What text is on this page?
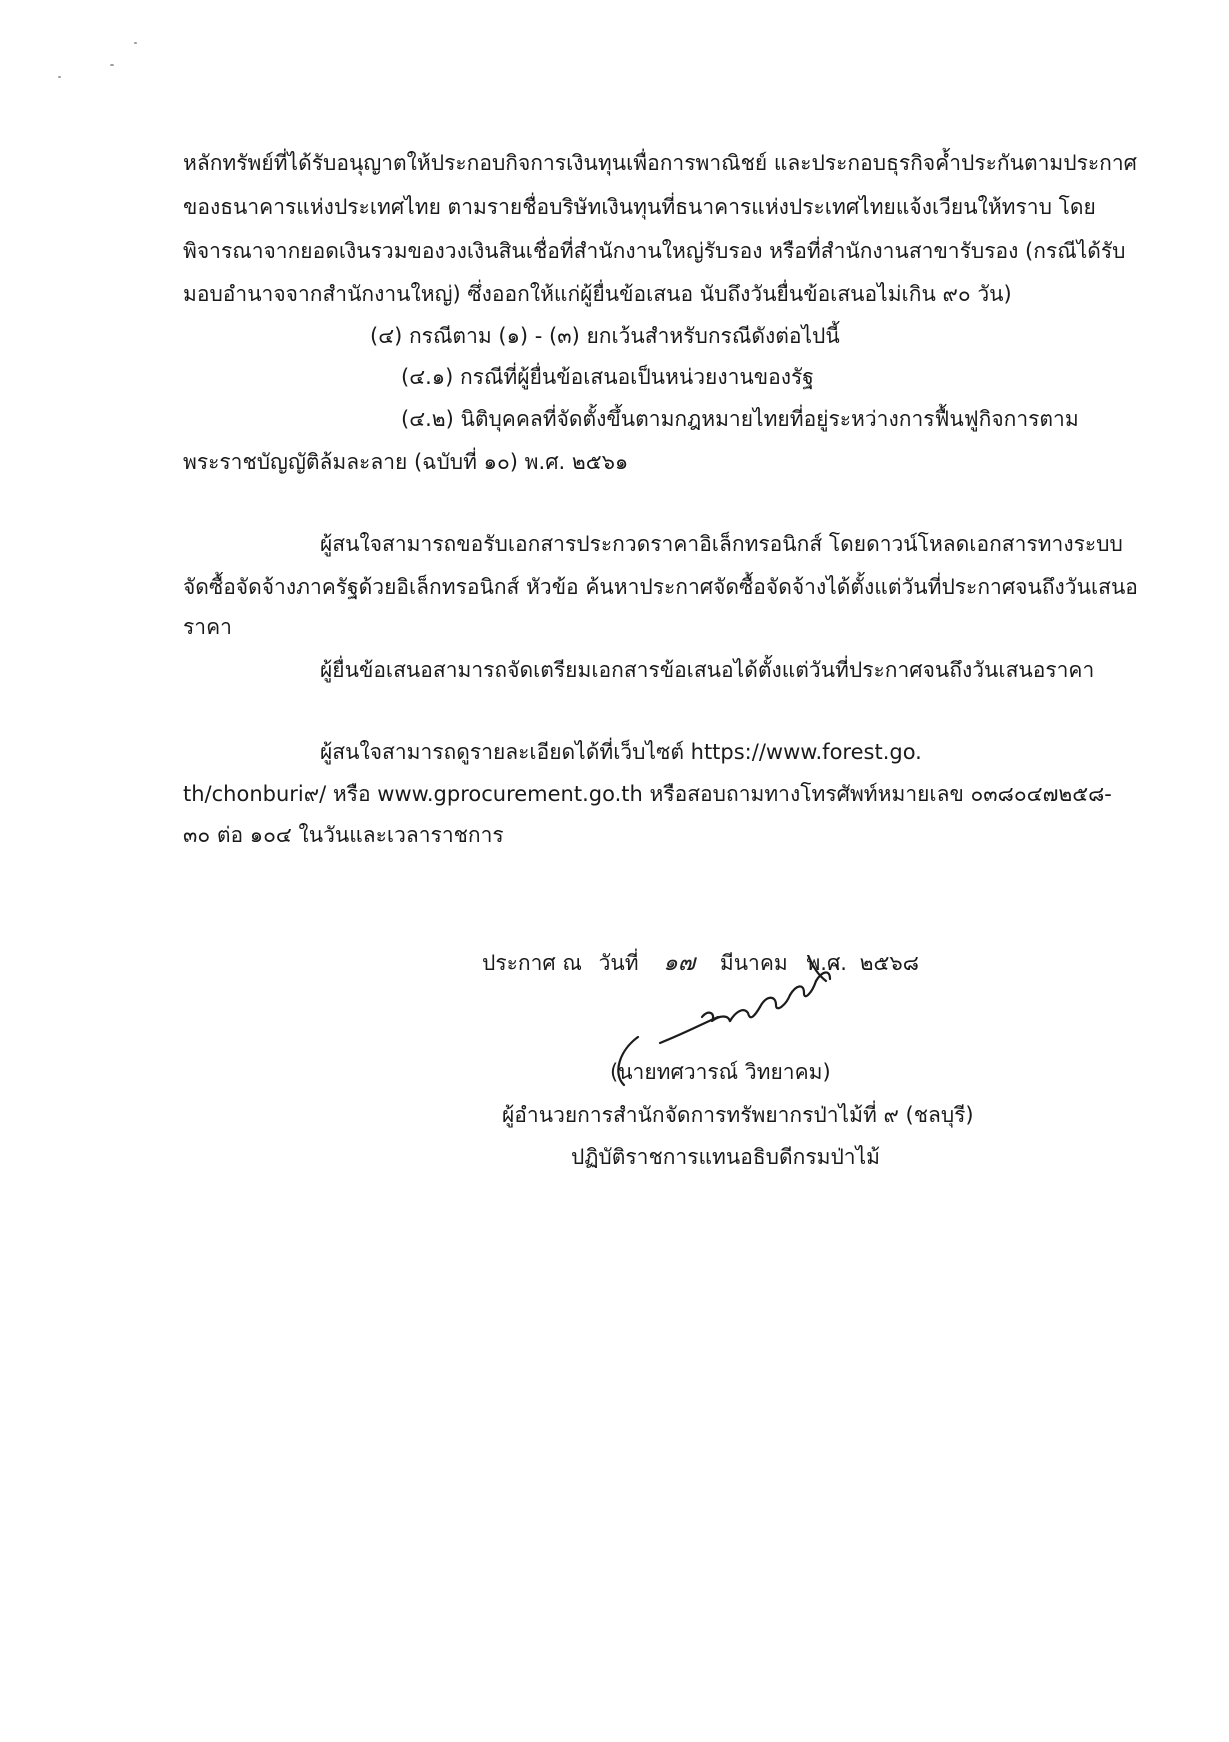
หลักทรัพย์ที่ได้รับอนุญาตให้ประกอบกิจการเงินทุนเพื่อการพาณิชย์ และประกอบธุรกิจค้ำประกันตามประกาศ
ของธนาคารแห่งประเทศไทย ตามรายชื่อบริษัทเงินทุนที่ธนาคารแห่งประเทศไทยแจ้งเวียนให้ทราบ โดย
พิจารณาจากยอดเงินรวมของวงเงินสินเชื่อที่สำนักงานใหญ่รับรอง หรือที่สำนักงานสาขารับรอง (กรณีได้รับ
มอบอำนาจจากสำนักงานใหญ่) ซึ่งออกให้แก่ผู้ยื่นข้อเสนอ นับถึงวันยื่นข้อเสนอไม่เกิน ๙๐ วัน)
(๔) กรณีตาม (๑) - (๓) ยกเว้นสำหรับกรณีดังต่อไปนี้
(๔.๑) กรณีที่ผู้ยื่นข้อเสนอเป็นหน่วยงานของรัฐ
(๔.๒) นิติบุคคลที่จัดตั้งขึ้นตามกฎหมายไทยที่อยู่ระหว่างการฟื้นฟูกิจการตาม
พระราชบัญญัติล้มละลาย (ฉบับที่ ๑๐) พ.ศ. ๒๕๖๑
ผู้สนใจสามารถขอรับเอกสารประกวดราคาอิเล็กทรอนิกส์ โดยดาวน์โหลดเอกสารทางระบบ
จัดซื้อจัดจ้างภาครัฐด้วยอิเล็กทรอนิกส์ หัวข้อ ค้นหาประกาศจัดซื้อจัดจ้างได้ตั้งแต่วันที่ประกาศจนถึงวันเสนอ
ราคา
ผู้ยื่นข้อเสนอสามารถจัดเตรียมเอกสารข้อเสนอได้ตั้งแต่วันที่ประกาศจนถึงวันเสนอราคา
ผู้สนใจสามารถดูรายละเอียดได้ที่เว็บไซต์ https://www.forest.go.
th/chonburi๙/ หรือ www.gprocurement.go.th หรือสอบถามทางโทรศัพท์หมายเลข ๐๓๘๐๔๗๒๕๘-
๓๐ ต่อ ๑๐๔ ในวันและเวลาราชการ
ประกาศ ณ วันที่ ๑๗ มีนาคม พ.ศ. ๒๕๖๘
(นายทศวารณ์ วิทยาคม)
ผู้อำนวยการสำนักจัดการทรัพยากรป่าไม้ที่ ๙ (ชลบุรี)
ปฏิบัติราชการแทนอธิบดีกรมป่าไม้
